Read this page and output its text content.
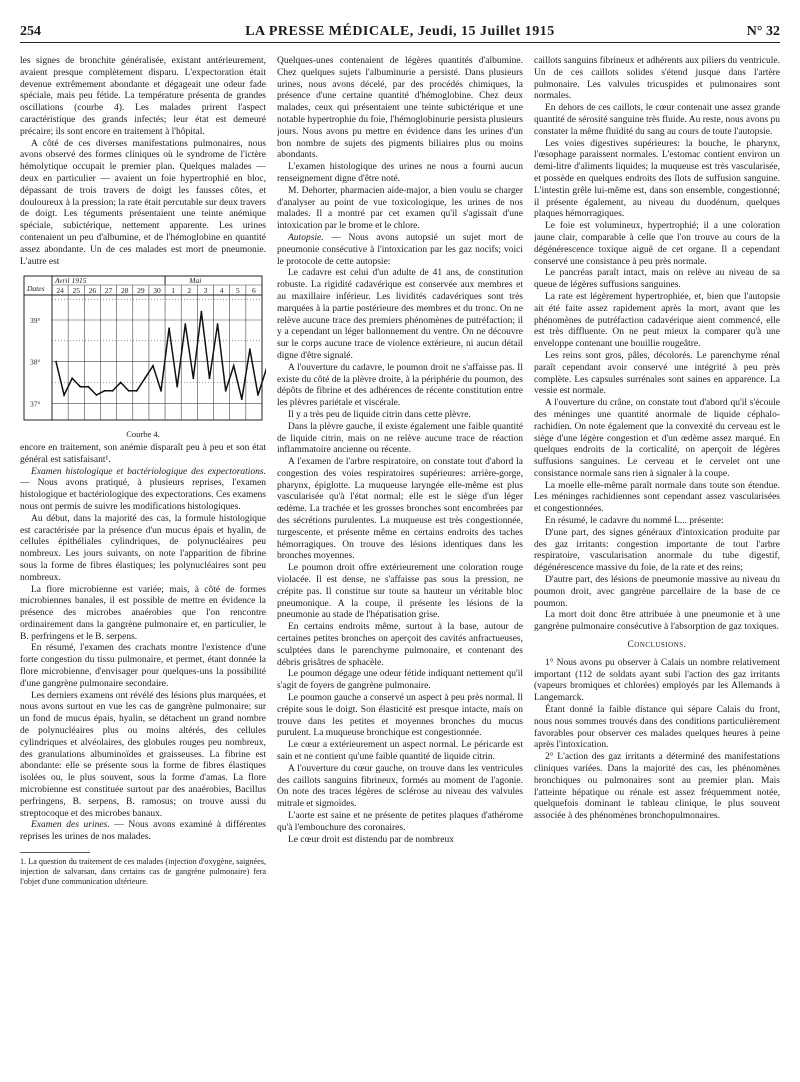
254	LA PRESSE MÉDICALE, Jeudi, 15 Juillet 1915	N° 32

les signes de bronchite généralisée, existant antérieurement, avaient presque complètement disparu. L'expectoration était devenue extrêmement abondante et dégageait une odeur fade spéciale, mais peu fétide. La température présenta de grandes oscillations (courbe 4). Les malades prirent l'aspect caractéristique des grands infectés; leur état est demeuré précaire; ils sont encore en traitement à l'hôpital.

A côté de ces diverses manifestations pulmonaires, nous avons observé des formes cliniques où le syndrome de l'ictère hémolytique occupait le premier plan. Quelques malades — deux en particulier — avaient un foie hypertrophié en bloc, dépassant de trois travers de doigt les fausses côtes, et douloureux à la pression; la rate était percutable sur deux travers de doigt. Les téguments présentaient une teinte anémique spéciale, subictérique, nettement apparente. Les urines contenaient un peu d'albumine, et de l'hémoglobine en quantité assez abondante. Un de ces malades est mort de pneumonie. L'autre est

Dates
Avril 1915	Mai
24 25 26 27 28 29 30 1 2 3 4 5 6
39°
38°
37°

Courbe 4.

encore en traitement, son anémie disparaît peu à peu et son état général est satisfaisant¹.

Examen histologique et bactériologique des expectorations. — Nous avons pratiqué, à plusieurs reprises, l'examen histologique et bactériologique des expectorations. Ces examens nous ont permis de suivre les modifications histologiques.

Au début, dans la majorité des cas, la formule histologique est caractérisée par la présence d'un mucus épais et hyalin, de cellules épithéliales cylindriques, de polynucléaires peu nombreux. Les jours suivants, on note l'apparition de fibrine sous la forme de fibres élastiques; les polynucléaires sont peu nombreux.

La flore microbienne est variée; mais, à côté de formes microbiennes banales, il est possible de mettre en évidence la présence des microbes anaérobies que l'on rencontre ordinairement dans la gangrène pulmonaire et, en particulier, le B. perfringens et le B. serpens.

En résumé, l'examen des crachats montre l'existence d'une forte congestion du tissu pulmonaire, et permet, étant donnée la flore microbienne, d'envisager pour quelques-uns la possibilité d'une gangrène pulmonaire secondaire.

Les derniers examens ont révélé des lésions plus marquées, et nous avons surtout en vue les cas de gangrène pulmonaire; sur un fond de mucus épais, hyalin, se détachent un grand nombre de polynucléaires plus ou moins altérés, des cellules cylindriques et alvéolaires, des globules rouges peu nombreux, des granulations albuminoïdes et graisseuses. La fibrine est abondante: elle se présente sous la forme de fibres élastiques isolées ou, le plus souvent, sous la forme d'amas. La flore microbienne est constituée surtout par des anaérobies, Bacillus perfringens, B. serpens, B. ramosus; on trouve aussi du streptocoque et des microbes banaux.

Examen des urines. — Nous avons examiné à différentes reprises les urines de nos malades.

1. La question du traitement de ces malades (injection d'oxygène, saignées, injection de salvarsan, dans certains cas de gangrène pulmonaire) fera l'objet d'une communication ultérieure.

Quelques-unes contenaient de légères quantités d'albumine. Chez quelques sujets l'albuminurie a persisté. Dans plusieurs urines, nous avons décelé, par des procédés chimiques, la présence d'une certaine quantité d'hémoglobine. Chez deux malades, ceux qui présentaient une teinte subictérique et une notable hypertrophie du foie, l'hémoglobinurie persista plusieurs jours. Nous avons pu mettre en évidence dans les urines d'un bon nombre de sujets des pigments biliaires plus ou moins abondants.

L'examen histologique des urines ne nous a fourni aucun renseignement digne d'être noté.

M. Dehorter, pharmacien aide-major, a bien voulu se charger d'analyser au point de vue toxicologique, les urines de nos malades. Il a montré par cet examen qu'il s'agissait d'une intoxication par le brome et le chlore.

Autopsie. — Nous avons autopsié un sujet mort de pneumonie consécutive à l'intoxication par les gaz nocifs; voici le protocole de cette autopsie:

Le cadavre est celui d'un adulte de 41 ans, de constitution robuste. La rigidité cadavérique est conservée aux membres et au maxillaire inférieur. Les lividités cadavériques sont très marquées à la partie postérieure des membres et du tronc. On ne relève aucune trace des premiers phénomènes de putréfaction; il y a cependant un léger ballonnement du ventre. On ne découvre sur le corps aucune trace de violence extérieure, ni aucun détail digne d'être signalé.

A l'ouverture du cadavre, le poumon droit ne s'affaisse pas. Il existe du côté de la plèvre droite, à la périphérie du poumon, des dépôts de fibrine et des adhérences de récente constitution entre les plèvres pariétale et viscérale.

Il y a très peu de liquide citrin dans cette plèvre.

Dans la plèvre gauche, il existe également une faible quantité de liquide citrin, mais on ne relève aucune trace de réaction inflammatoire ancienne ou récente.

A l'examen de l'arbre respiratoire, on constate tout d'abord la congestion des voies respiratoires supérieures: arrière-gorge, pharynx, épiglotte. La muqueuse laryngée elle-même est plus vascularisée qu'à l'état normal; elle est le siège d'un léger œdème. La trachée et les grosses bronches sont encombrées par des sécrétions purulentes. La muqueuse est très congestionnée, turgescente, et présente même en certains endroits des taches hémorragiques. On trouve des lésions identiques dans les bronches moyennes.

Le poumon droit offre extérieurement une coloration rouge violacée. Il est dense, ne s'affaisse pas sous la pression, ne crépite pas. Il constitue sur toute sa hauteur un véritable bloc pneumonique. A la coupe, il présente les lésions de la pneumonie au stade de l'hépatisation grise.

En certains endroits même, surtout à la base, autour de certaines petites bronches on aperçoit des cavités anfractueuses, sculptées dans le parenchyme pulmonaire, et contenant des débris grisâtres de sphacèle.

Le poumon dégage une odeur fétide indiquant nettement qu'il s'agit de foyers de gangrène pulmonaire.

Le poumon gauche a conservé un aspect à peu près normal. Il crépite sous le doigt. Son élasticité est presque intacte, mais on trouve dans les petites et moyennes bronches du mucus purulent. La muqueuse bronchique est congestionnée.

Le cœur a extérieurement un aspect normal. Le péricarde est sain et ne contient qu'une faible quantité de liquide citrin.

A l'ouverture du cœur gauche, on trouve dans les ventricules des caillots sanguins fibrineux, formés au moment de l'agonie. On note des traces légères de sclérose au niveau des valvules mitrale et sigmoïdes.

L'aorte est saine et ne présente de petites plaques d'athérome qu'à l'embouchure des coronaires.

Le cœur droit est distendu par de nombreux

caillots sanguins fibrineux et adhérents aux piliers du ventricule. Un de ces caillots solides s'étend jusque dans l'artère pulmonaire. Les valvules tricuspides et pulmonaires sont normales.

En dehors de ces caillots, le cœur contenait une assez grande quantité de sérosité sanguine très fluide. Au reste, nous avons pu constater la même fluidité du sang au cours de toute l'autopsie.

Les voies digestives supérieures: la bouche, le pharynx, l'œsophage paraissent normales. L'estomac contient environ un demi-litre d'aliments liquides; la muqueuse est très vascularisée, et possède en quelques endroits des îlots de suffusion sanguine. L'intestin grêle lui-même est, dans son ensemble, congestionné; il présente également, au niveau du duodénum, quelques plaques hémorragiques.

Le foie est volumineux, hypertrophié; il a une coloration jaune clair, comparable à celle que l'on trouve au cours de la dégénérescence toxique aiguë de cet organe. Il a cependant conservé une consistance à peu près normale.

Le pancréas paraît intact, mais on relève au niveau de sa queue de légères suffusions sanguines.

La rate est légèrement hypertrophiée, et, bien que l'autopsie ait été faite assez rapidement après la mort, avant que les phénomènes de putréfaction cadavérique aient commencé, elle est très diffluente. On ne peut mieux la comparer qu'à une enveloppe contenant une bouillie rougeâtre.

Les reins sont gros, pâles, décolorés. Le parenchyme rénal paraît cependant avoir conservé une intégrité à peu près complète. Les capsules surrénales sont saines en apparence. La vessie est normale.

A l'ouverture du crâne, on constate tout d'abord qu'il s'écoule des méninges une quantité anormale de liquide céphalo-rachidien. On note également que la convexité du cerveau est le siège d'une légère congestion et d'un œdème assez marqué. En quelques endroits de la corticalité, on aperçoit de légères suffusions sanguines. Le cerveau et le cervelet ont une consistance normale sans rien à signaler à la coupe.

La moelle elle-même paraît normale dans toute son étendue. Les méninges rachidiennes sont cependant assez vascularisées et congestionnées.

En résumé, le cadavre du nommé L... présente:

D'une part, des signes généraux d'intoxication produite par des gaz irritants: congestion importante de tout l'arbre respiratoire, vascularisation anormale du tube digestif, dégénérescence massive du foie, de la rate et des reins;

D'autre part, des lésions de pneumonie massive au niveau du poumon droit, avec gangrène parcellaire de la base de ce poumon.

La mort doit donc être attribuée à une pneumonie et à une gangrène pulmonaire consécutive à l'absorption de gaz toxiques.

Conclusions.

1° Nous avons pu observer à Calais un nombre relativement important (112 de soldats ayant subi l'action des gaz irritants (vapeurs bromiques et chlorées) employés par les Allemands à Langemarck.

Étant donné la faible distance qui sépare Calais du front, nous nous sommes trouvés dans des conditions particulièrement favorables pour observer ces malades quelques heures à peine après l'intoxication.

2° L'action des gaz irritants a déterminé des manifestations cliniques variées. Dans la majorité des cas, les phénomènes bronchiques ou pulmonaires sont au premier plan. Mais l'atteinte hépatique ou rénale est assez fréquemment notée, quelquefois dominant le tableau clinique, le plus souvent associée à des phénomènes bronchopulmonaires.
